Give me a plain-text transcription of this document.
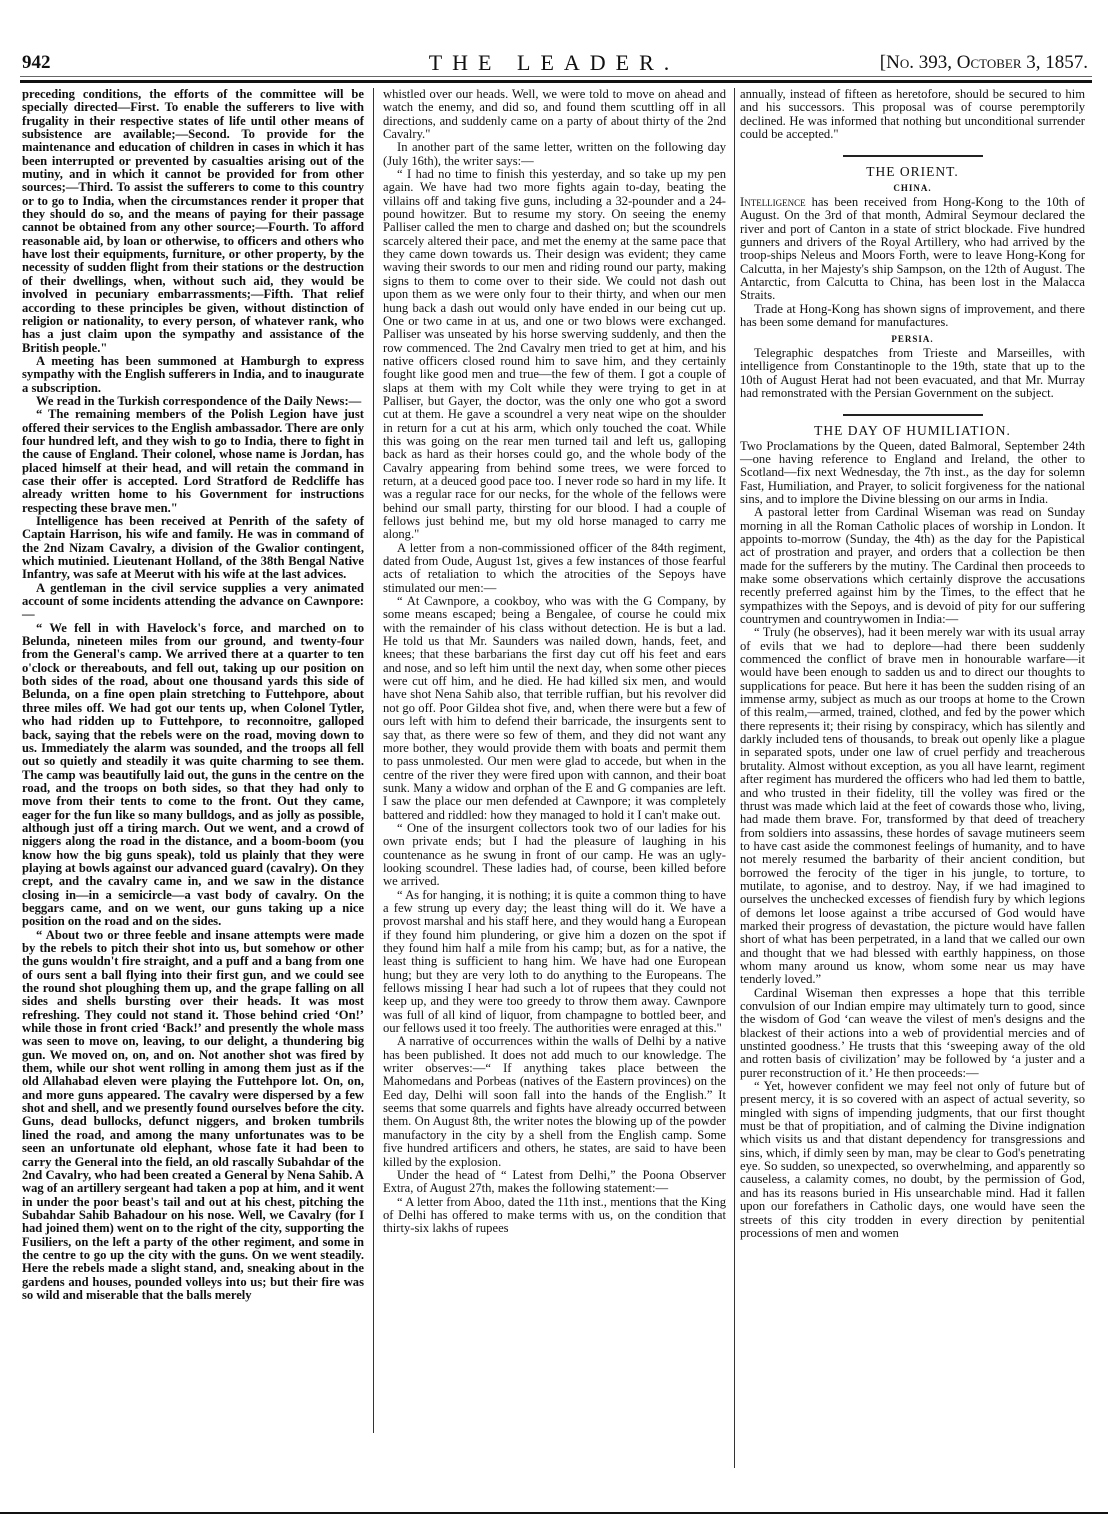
942	THE LEADER.	[No. 393, October 3, 1857.

preceding conditions, the efforts of the committee will be specially directed—First. To enable the sufferers to live with frugality in their respective states of life until other means of subsistence are available;—Second. To provide for the maintenance and education of children in cases in which it has been interrupted or prevented by casualties arising out of the mutiny, and in which it cannot be provided for from other sources;—Third. To assist the sufferers to come to this country or to go to India, when the circumstances render it proper that they should do so, and the means of paying for their passage cannot be obtained from any other source;—Fourth. To afford reasonable aid, by loan or otherwise, to officers and others who have lost their equipments, furniture, or other property, by the necessity of sudden flight from their stations or the destruction of their dwellings, when, without such aid, they would be involved in pecuniary embarrassments;—Fifth. That relief according to these principles be given, without distinction of religion or nationality, to every person, of whatever rank, who has a just claim upon the sympathy and assistance of the British people."

A meeting has been summoned at Hamburgh to express sympathy with the English sufferers in India, and to inaugurate a subscription.

We read in the Turkish correspondence of the Daily News:—

“ The remaining members of the Polish Legion have just offered their services to the English ambassador. There are only four hundred left, and they wish to go to India, there to fight in the cause of England. Their colonel, whose name is Jordan, has placed himself at their head, and will retain the command in case their offer is accepted. Lord Stratford de Redcliffe has already written home to his Government for instructions respecting these brave men."

Intelligence has been received at Penrith of the safety of Captain Harrison, his wife and family. He was in command of the 2nd Nizam Cavalry, a division of the Gwalior contingent, which mutinied. Lieutenant Holland, of the 38th Bengal Native Infantry, was safe at Meerut with his wife at the last advices.

A gentleman in the civil service supplies a very animated account of some incidents attending the advance on Cawnpore:—

“ We fell in with Havelock's force, and marched on to Belunda, nineteen miles from our ground, and twenty-four from the General's camp. We arrived there at a quarter to ten o'clock or thereabouts, and fell out, taking up our position on both sides of the road, about one thousand yards this side of Belunda, on a fine open plain stretching to Futtehpore, about three miles off. We had got our tents up, when Colonel Tytler, who had ridden up to Futtehpore, to reconnoitre, galloped back, saying that the rebels were on the road, moving down to us. Immediately the alarm was sounded, and the troops all fell out so quietly and steadily it was quite charming to see them. The camp was beautifully laid out, the guns in the centre on the road, and the troops on both sides, so that they had only to move from their tents to come to the front. Out they came, eager for the fun like so many bulldogs, and as jolly as possible, although just off a tiring march. Out we went, and a crowd of niggers along the road in the distance, and a boom-boom (you know how the big guns speak), told us plainly that they were playing at bowls against our advanced guard (cavalry). On they crept, and the cavalry came in, and we saw in the distance closing in—in a semicircle—a vast body of cavalry. On the beggars came, and on we went, our guns taking up a nice position on the road and on the sides.

“ About two or three feeble and insane attempts were made by the rebels to pitch their shot into us, but somehow or other the guns wouldn't fire straight, and a puff and a bang from one of ours sent a ball flying into their first gun, and we could see the round shot ploughing them up, and the grape falling on all sides and shells bursting over their heads. It was most refreshing. They could not stand it. Those behind cried ‘On!’ while those in front cried ‘Back!’ and presently the whole mass was seen to move on, leaving, to our delight, a thundering big gun. We moved on, on, and on. Not another shot was fired by them, while our shot went rolling in among them just as if the old Allahabad eleven were playing the Futtehpore lot. On, on, and more guns appeared. The cavalry were dispersed by a few shot and shell, and we presently found ourselves before the city. Guns, dead bullocks, defunct niggers, and broken tumbrils lined the road, and among the many unfortunates was to be seen an unfortunate old elephant, whose fate it had been to carry the General into the field, an old rascally Subahdar of the 2nd Cavalry, who had been created a General by Nena Sahib. A wag of an artillery sergeant had taken a pop at him, and it went in under the poor beast's tail and out at his chest, pitching the Subahdar Sahib Bahadour on his nose. Well, we Cavalry (for I had joined them) went on to the right of the city, supporting the Fusiliers, on the left a party of the other regiment, and some in the centre to go up the city with the guns. On we went steadily. Here the rebels made a slight stand, and, sneaking about in the gardens and houses, pounded volleys into us; but their fire was so wild and miserable that the balls merely

whistled over our heads. Well, we were told to move on ahead and watch the enemy, and did so, and found them scuttling off in all directions, and suddenly came on a party of about thirty of the 2nd Cavalry."

In another part of the same letter, written on the following day (July 16th), the writer says:—

“ I had no time to finish this yesterday, and so take up my pen again. We have had two more fights again to-day, beating the villains off and taking five guns, including a 32-pounder and a 24-pound howitzer. But to resume my story. On seeing the enemy Palliser called the men to charge and dashed on; but the scoundrels scarcely altered their pace, and met the enemy at the same pace that they came down towards us. Their design was evident; they came waving their swords to our men and riding round our party, making signs to them to come over to their side. We could not dash out upon them as we were only four to their thirty, and when our men hung back a dash out would only have ended in our being cut up. One or two came in at us, and one or two blows were exchanged. Palliser was unseated by his horse swerving suddenly, and then the row commenced. The 2nd Cavalry men tried to get at him, and his native officers closed round him to save him, and they certainly fought like good men and true—the few of them. I got a couple of slaps at them with my Colt while they were trying to get in at Palliser, but Gayer, the doctor, was the only one who got a sword cut at them. He gave a scoundrel a very neat wipe on the shoulder in return for a cut at his arm, which only touched the coat. While this was going on the rear men turned tail and left us, galloping back as hard as their horses could go, and the whole body of the Cavalry appearing from behind some trees, we were forced to return, at a deuced good pace too. I never rode so hard in my life. It was a regular race for our necks, for the whole of the fellows were behind our small party, thirsting for our blood. I had a couple of fellows just behind me, but my old horse managed to carry me along."

A letter from a non-commissioned officer of the 84th regiment, dated from Oude, August 1st, gives a few instances of those fearful acts of retaliation to which the atrocities of the Sepoys have stimulated our men:—

“ At Cawnpore, a cookboy, who was with the G Company, by some means escaped; being a Bengalee, of course he could mix with the remainder of his class without detection. He is but a lad. He told us that Mr. Saunders was nailed down, hands, feet, and knees; that these barbarians the first day cut off his feet and ears and nose, and so left him until the next day, when some other pieces were cut off him, and he died. He had killed six men, and would have shot Nena Sahib also, that terrible ruffian, but his revolver did not go off. Poor Gildea shot five, and, when there were but a few of ours left with him to defend their barricade, the insurgents sent to say that, as there were so few of them, and they did not want any more bother, they would provide them with boats and permit them to pass unmolested. Our men were glad to accede, but when in the centre of the river they were fired upon with cannon, and their boat sunk. Many a widow and orphan of the E and G companies are left. I saw the place our men defended at Cawnpore; it was completely battered and riddled: how they managed to hold it I can't make out.

“ One of the insurgent collectors took two of our ladies for his own private ends; but I had the pleasure of laughing in his countenance as he swung in front of our camp. He was an ugly-looking scoundrel. These ladies had, of course, been killed before we arrived.

“ As for hanging, it is nothing; it is quite a common thing to have a few strung up every day; the least thing will do it. We have a provost marshal and his staff here, and they would hang a European if they found him plundering, or give him a dozen on the spot if they found him half a mile from his camp; but, as for a native, the least thing is sufficient to hang him. We have had one European hung; but they are very loth to do anything to the Europeans. The fellows missing I hear had such a lot of rupees that they could not keep up, and they were too greedy to throw them away. Cawnpore was full of all kind of liquor, from champagne to bottled beer, and our fellows used it too freely. The authorities were enraged at this."

A narrative of occurrences within the walls of Delhi by a native has been published. It does not add much to our knowledge. The writer observes:—“ If anything takes place between the Mahomedans and Porbeas (natives of the Eastern provinces) on the Eed day, Delhi will soon fall into the hands of the English.” It seems that some quarrels and fights have already occurred between them. On August 8th, the writer notes the blowing up of the powder manufactory in the city by a shell from the English camp. Some five hundred artificers and others, he states, are said to have been killed by the explosion.

Under the head of “ Latest from Delhi,” the Poona Observer Extra, of August 27th, makes the following statement:—

“ A letter from Aboo, dated the 11th inst., mentions that the King of Delhi has offered to make terms with us, on the condition that thirty-six lakhs of rupees

annually, instead of fifteen as heretofore, should be secured to him and his successors. This proposal was of course peremptorily declined. He was informed that nothing but unconditional surrender could be accepted."

THE ORIENT.
CHINA.

Intelligence has been received from Hong-Kong to the 10th of August. On the 3rd of that month, Admiral Seymour declared the river and port of Canton in a state of strict blockade. Five hundred gunners and drivers of the Royal Artillery, who had arrived by the troop-ships Neleus and Moors Forth, were to leave Hong-Kong for Calcutta, in her Majesty's ship Sampson, on the 12th of August. The Antarctic, from Calcutta to China, has been lost in the Malacca Straits.

Trade at Hong-Kong has shown signs of improvement, and there has been some demand for manufactures.

PERSIA.

Telegraphic despatches from Trieste and Marseilles, with intelligence from Constantinople to the 19th, state that up to the 10th of August Herat had not been evacuated, and that Mr. Murray had remonstrated with the Persian Government on the subject.

THE DAY OF HUMILIATION.

Two Proclamations by the Queen, dated Balmoral, September 24th—one having reference to England and Ireland, the other to Scotland—fix next Wednesday, the 7th inst., as the day for solemn Fast, Humiliation, and Prayer, to solicit forgiveness for the national sins, and to implore the Divine blessing on our arms in India.

A pastoral letter from Cardinal Wiseman was read on Sunday morning in all the Roman Catholic places of worship in London. It appoints to-morrow (Sunday, the 4th) as the day for the Papistical act of prostration and prayer, and orders that a collection be then made for the sufferers by the mutiny. The Cardinal then proceeds to make some observations which certainly disprove the accusations recently preferred against him by the Times, to the effect that he sympathizes with the Sepoys, and is devoid of pity for our suffering countrymen and countrywomen in India:—

“ Truly (he observes), had it been merely war with its usual array of evils that we had to deplore—had there been suddenly commenced the conflict of brave men in honourable warfare—it would have been enough to sadden us and to direct our thoughts to supplications for peace. But here it has been the sudden rising of an immense army, subject as much as our troops at home to the Crown of this realm,—armed, trained, clothed, and fed by the power which there represents it; their rising by conspiracy, which has silently and darkly included tens of thousands, to break out openly like a plague in separated spots, under one law of cruel perfidy and treacherous brutality. Almost without exception, as you all have learnt, regiment after regiment has murdered the officers who had led them to battle, and who trusted in their fidelity, till the volley was fired or the thrust was made which laid at the feet of cowards those who, living, had made them brave. For, transformed by that deed of treachery from soldiers into assassins, these hordes of savage mutineers seem to have cast aside the commonest feelings of humanity, and to have not merely resumed the barbarity of their ancient condition, but borrowed the ferocity of the tiger in his jungle, to torture, to mutilate, to agonise, and to destroy. Nay, if we had imagined to ourselves the unchecked excesses of fiendish fury by which legions of demons let loose against a tribe accursed of God would have marked their progress of devastation, the picture would have fallen short of what has been perpetrated, in a land that we called our own and thought that we had blessed with earthly happiness, on those whom many around us know, whom some near us may have tenderly loved.”

Cardinal Wiseman then expresses a hope that this terrible convulsion of our Indian empire may ultimately turn to good, since the wisdom of God ‘can weave the vilest of men's designs and the blackest of their actions into a web of providential mercies and of unstinted goodness.’ He trusts that this ‘sweeping away of the old and rotten basis of civilization’ may be followed by ‘a juster and a purer reconstruction of it.’ He then proceeds:—

“ Yet, however confident we may feel not only of future but of present mercy, it is so covered with an aspect of actual severity, so mingled with signs of impending judgments, that our first thought must be that of propitiation, and of calming the Divine indignation which visits us and that distant dependency for transgressions and sins, which, if dimly seen by man, may be clear to God's penetrating eye. So sudden, so unexpected, so overwhelming, and apparently so causeless, a calamity comes, no doubt, by the permission of God, and has its reasons buried in His unsearchable mind. Had it fallen upon our forefathers in Catholic days, one would have seen the streets of this city trodden in every direction by penitential processions of men and women
